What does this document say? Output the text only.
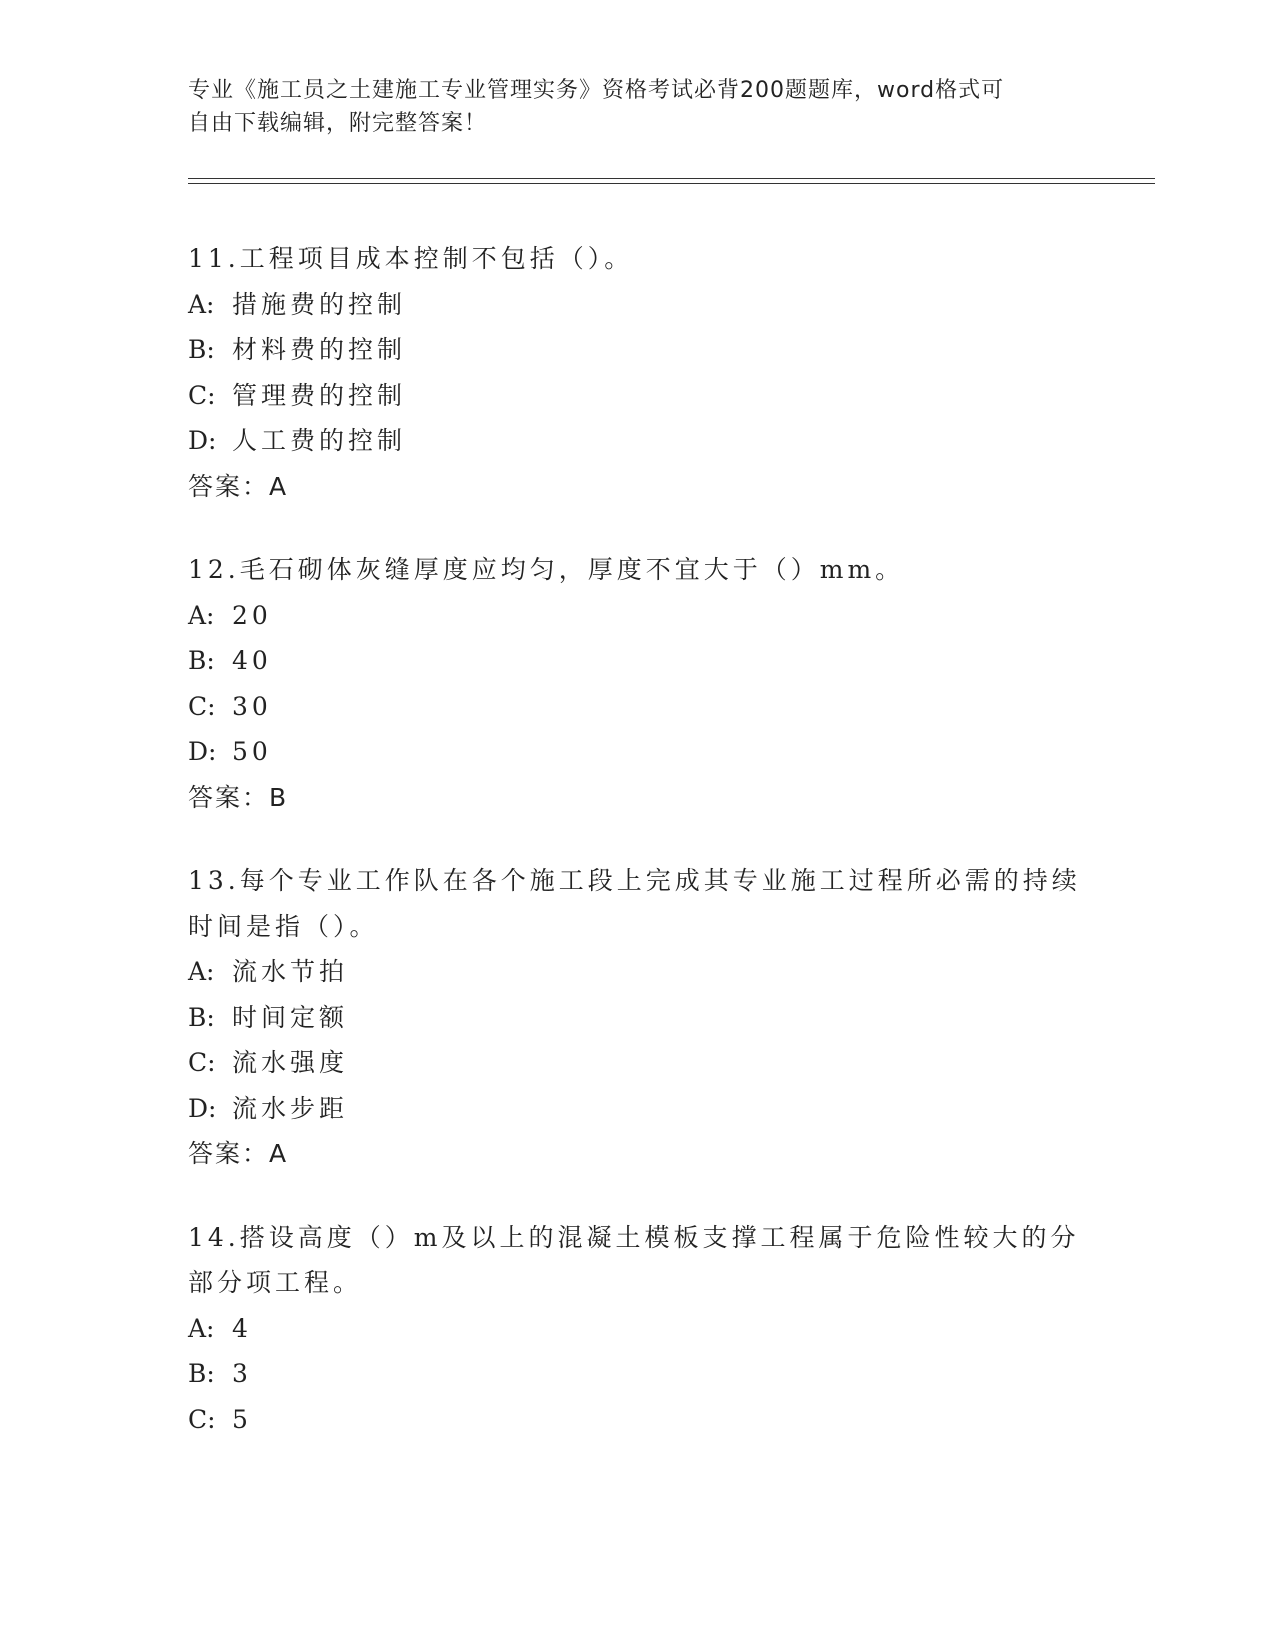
专业《施工员之土建施工专业管理实务》资格考试必背200题题库，word格式可
自由下载编辑，附完整答案！
11.工程项目成本控制不包括（）。
A: 措施费的控制
B: 材料费的控制
C: 管理费的控制
D: 人工费的控制
答案：A
12.毛石砌体灰缝厚度应均匀，厚度不宜大于（）mm。
A: 20
B: 40
C: 30
D: 50
答案：B
13.每个专业工作队在各个施工段上完成其专业施工过程所必需的持续
时间是指（）。
A: 流水节拍
B: 时间定额
C: 流水强度
D: 流水步距
答案：A
14.搭设高度（）m及以上的混凝土模板支撑工程属于危险性较大的分
部分项工程。
A: 4
B: 3
C: 5
